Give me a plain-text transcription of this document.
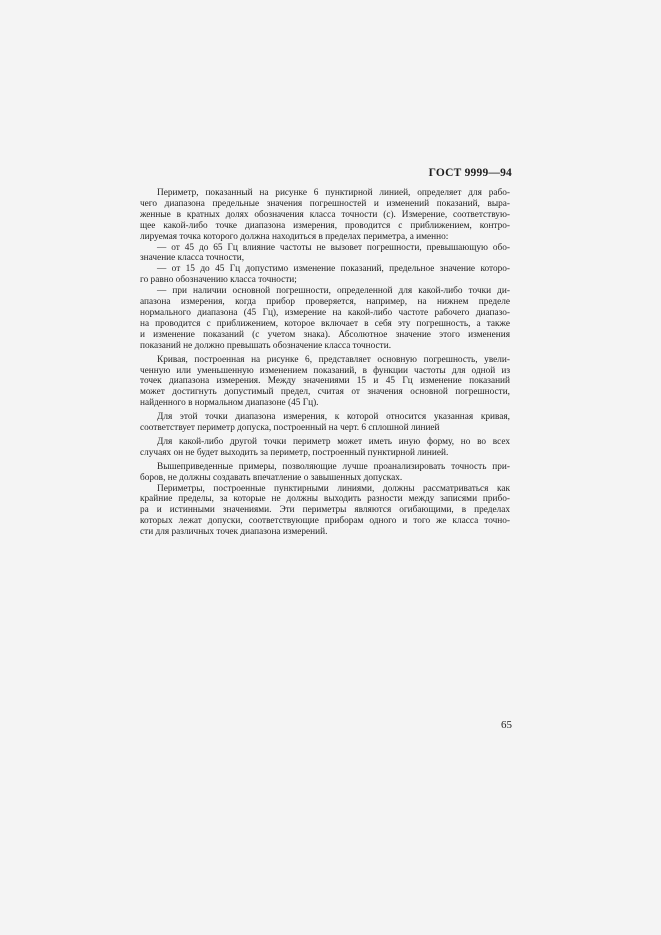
ГОСТ 9999—94

Периметр, показанный на рисунке 6 пунктирной линией, определяет для рабо-
чего диапазона предельные значения погрешностей и изменений показаний, выра-
женные в кратных долях обозначения класса точности (с). Измерение, соответствую-
щее какой-либо точке диапазона измерения, проводится с приближением, контро-
лируемая точка которого должна находиться в пределах периметра, а именно:

— от 45 до 65 Гц влияние частоты не вызовет погрешности, превышающую обо-
значение класса точности,

— от 15 до 45 Гц допустимо изменение показаний, предельное значение которо-
го равно обозначению класса точности;

— при наличии основной погрешности, определенной для какой-либо точки ди-
апазона измерения, когда прибор проверяется, например, на нижнем пределе
нормального диапазона (45 Гц), измерение на какой-либо частоте рабочего диапазо-
на проводится с приближением, которое включает в себя эту погрешность, а также
и изменение показаний (с учетом знака). Абсолютное значение этого изменения
показаний не должно превышать обозначение класса точности.

Кривая, построенная на рисунке 6, представляет основную погрешность, увели-
ченную или уменьшенную изменением показаний, в функции частоты для одной из
точек диапазона измерения. Между значениями 15 и 45 Гц изменение показаний
может достигнуть допустимый предел, считая от значения основной погрешности,
найденного в нормальном диапазоне (45 Гц).

Для этой точки диапазона измерения, к которой относится указанная кривая,
соответствует периметр допуска, построенный на черт. 6 сплошной линией

Для какой-либо другой точки периметр может иметь иную форму, но во всех
случаях он не будет выходить за периметр, построенный пунктирной линией.

Вышеприведенные примеры, позволяющие лучше проанализировать точность при-
боров, не должны создавать впечатление о завышенных допусках.

Периметры, построенные пунктирными линиями, должны рассматриваться как
крайние пределы, за которые не должны выходить разности между записями прибо-
ра и истинными значениями. Эти периметры являются огибающими, в пределах
которых лежат допуски, соответствующие приборам одного и того же класса точно-
сти для различных точек диапазона измерений.

65
